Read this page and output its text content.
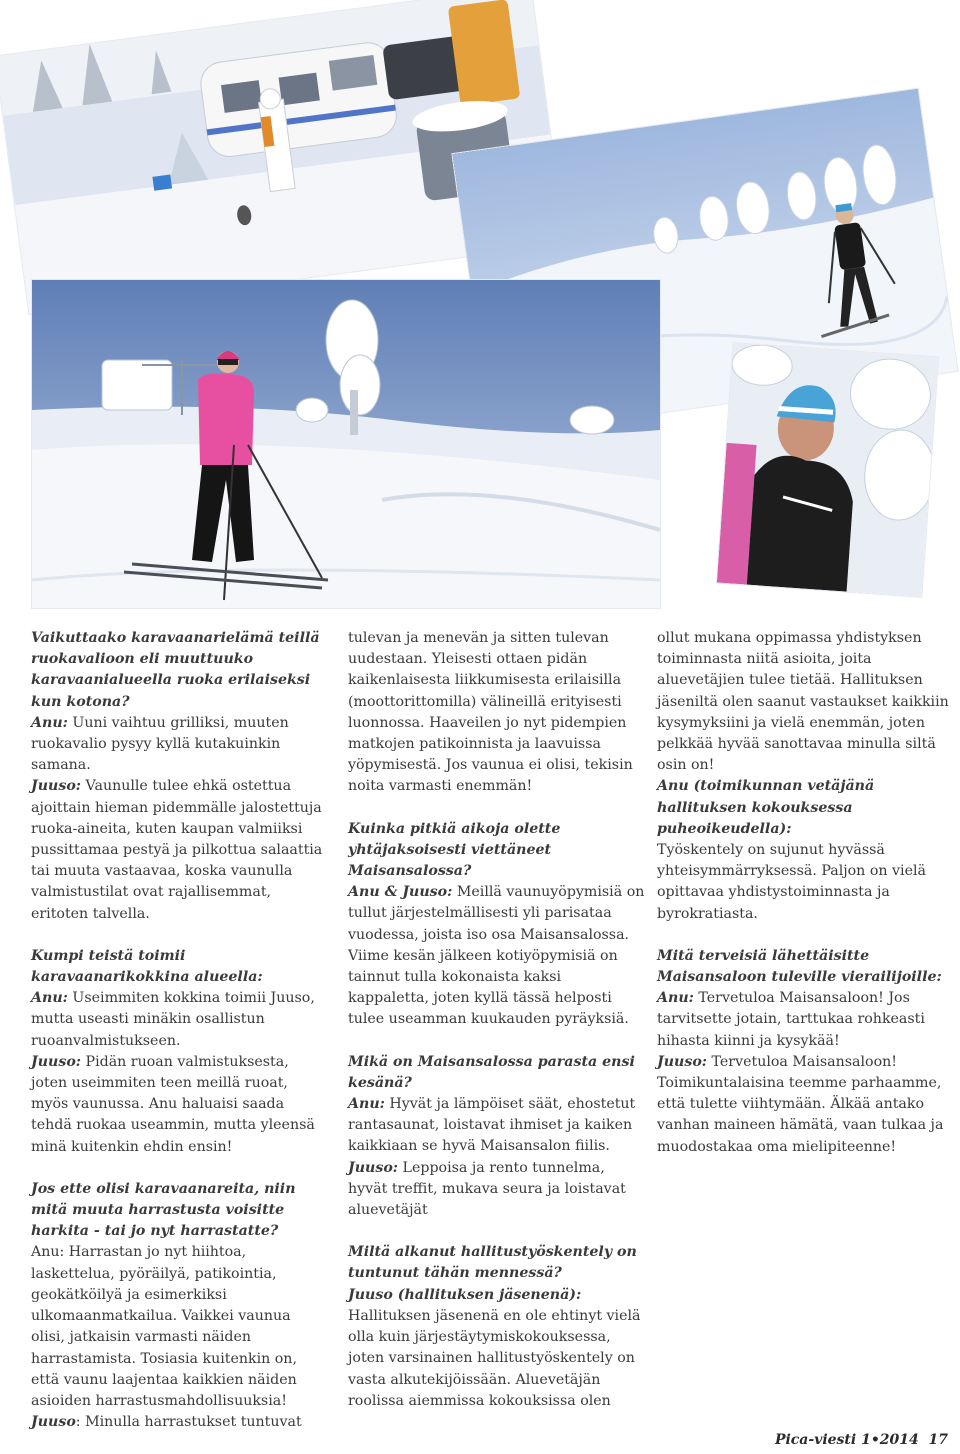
Vaikuttaako karavaanarielämä teillä ruokavalioon eli muuttuuko karavaanialueella ruoka erilaiseksi kun kotona?
Anu: Uuni vaihtuu grilliksi, muuten ruokavalio pysyy kyllä kutakuinkin samana.
Juuso: Vaunulle tulee ehkä ostettua ajoittain hieman pidemmälle jalostettuja ruoka-aineita, kuten kaupan valmiiksi pussittamaa pestyä ja pilkottua salaattia tai muuta vastaavaa, koska vaunulla valmistustilat ovat rajallisemmat, eritoten talvella.

Kumpi teistä toimii karavaanarikokkina alueella:
Anu: Useimmiten kokkina toimii Juuso, mutta useasti minäkin osallistun ruoanvalmistukseen.
Juuso: Pidän ruoan valmistuksesta, joten useimmiten teen meillä ruoat, myös vaunussa. Anu haluaisi saada tehdä ruokaa useammin, mutta yleensä minä kuitenkin ehdin ensin!

Jos ette olisi karavaanareita, niin mitä muuta harrastusta voisitte harkita - tai jo nyt harrastatte?
Anu: Harrastan jo nyt hiihtoa, laskettelua, pyöräilyä, patikointia, geokätköilyä ja esimerkiksi ulkomaanmatkailua. Vaikkei vaunua olisi, jatkaisin varmasti näiden harrastamista. Tosiasia kuitenkin on, että vaunu laajentaa kaikkien näiden asioiden harrastusmahdollisuuksia!
Juuso: Minulla harrastukset tuntuvat

tulevan ja menevän ja sitten tulevan uudestaan. Yleisesti ottaen pidän kaikenlaisesta liikkumisesta erilaisilla (moottorittomilla) välineillä erityisesti luonnossa. Haaveilen jo nyt pidempien matkojen patikoinnista ja laavuissa yöpymisestä. Jos vaunua ei olisi, tekisin noita varmasti enemmän!

Kuinka pitkiä aikoja olette yhtäjaksoisesti viettäneet Maisansalossa?
Anu & Juuso: Meillä vaunuyöpymisiä on tullut järjestelmällisesti yli parisataa vuodessa, joista iso osa Maisansalossa. Viime kesän jälkeen kotiyöpymisiä on tainnut tulla kokonaista kaksi kappaletta, joten kyllä tässä helposti tulee useamman kuukauden pyräyksiä.

Mikä on Maisansalossa parasta ensi kesänä?
Anu: Hyvät ja lämpöiset säät, ehostetut rantasaunat, loistavat ihmiset ja kaiken kaikkiaan se hyvä Maisansalon fiilis.
Juuso: Leppoisa ja rento tunnelma, hyvät treffit, mukava seura ja loistavat aluevetäjät

Miltä alkanut hallitustyöskentely on tuntunut tähän mennessä?
Juuso (hallituksen jäsenenä):
Hallituksen jäsenenä en ole ehtinyt vielä olla kuin järjestäytymiskokouksessa, joten varsinainen hallitustyöskentely on vasta alkutekijöissään. Aluevetäjän roolissa aiemmissa kokouksissa olen

ollut mukana oppimassa yhdistyksen toiminnasta niitä asioita, joita aluevetäjien tulee tietää. Hallituksen jäseniltä olen saanut vastaukset kaikkiin kysymyksiini ja vielä enemmän, joten pelkkää hyvää sanottavaa minulla siltä osin on!

Anu (toimikunnan vetäjänä hallituksen kokouksessa puheoikeudella):
Työskentely on sujunut hyvässä yhteisymmärryksessä. Paljon on vielä opittavaa yhdistystoiminnasta ja byrokratiasta.

Mitä terveisiä lähettäisitte Maisansaloon tuleville vierailijoille:
Anu: Tervetuloa Maisansaloon! Jos tarvitsette jotain, tarttukaa rohkeasti hihasta kiinni ja kysykää!
Juuso: Tervetuloa Maisansaloon! Toimikuntalaisina teemme parhaamme, että tulette viihtymään. Älkää antako vanhan maineen hämätä, vaan tulkaa ja muodostakaa oma mielipiteenne!

Pica-viesti 1•2014 17
